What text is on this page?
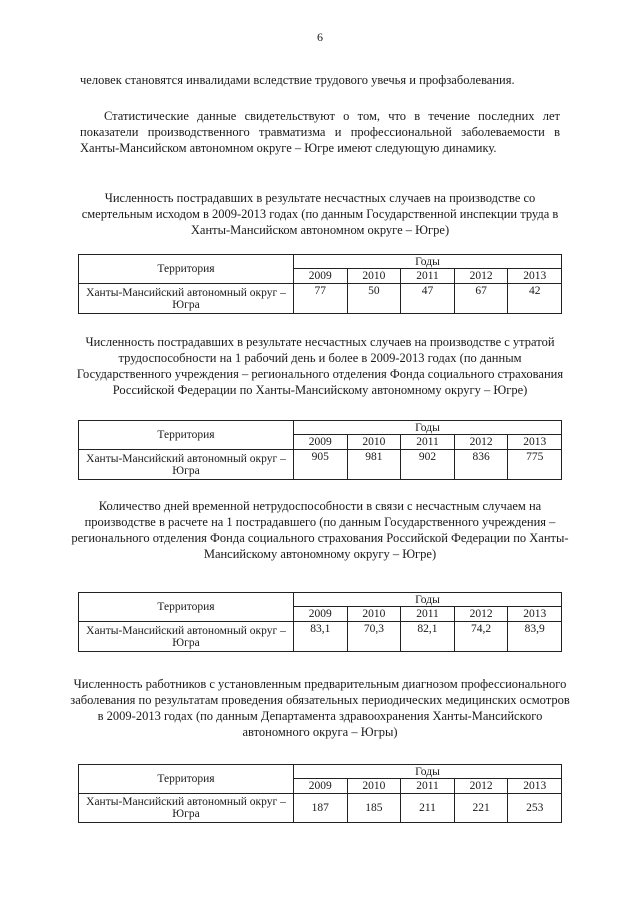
6
человек становятся инвалидами вследствие трудового увечья и профзаболевания.
Статистические данные свидетельствуют о том, что в течение последних лет показатели производственного травматизма и профессиональной заболеваемости в Ханты-Мансийском автономном округе – Югре имеют следующую динамику.
Численность пострадавших в результате несчастных случаев на производстве со смертельным исходом в 2009-2013 годах (по данным Государственной инспекции труда в Ханты-Мансийском автономном округе – Югре)
Территория	Годы				
	2009	2010	2011	2012	2013
Ханты-Мансийский автономный округ – Югра	77	50	47	67	42
Численность пострадавших в результате несчастных случаев на производстве с утратой трудоспособности на 1 рабочий день и более в 2009-2013 годах (по данным Государственного учреждения – регионального отделения Фонда социального страхования Российской Федерации по Ханты-Мансийскому автономному округу – Югре)
Территория	Годы				
	2009	2010	2011	2012	2013
Ханты-Мансийский автономный округ – Югра	905	981	902	836	775
Количество дней временной нетрудоспособности в связи с несчастным случаем на производстве в расчете на 1 пострадавшего (по данным Государственного учреждения – регионального отделения Фонда социального страхования Российской Федерации по Ханты-Мансийскому автономному округу – Югре)
Территория	Годы				
	2009	2010	2011	2012	2013
Ханты-Мансийский автономный округ – Югра	83,1	70,3	82,1	74,2	83,9
Численность работников с установленным предварительным диагнозом профессионального заболевания по результатам проведения обязательных периодических медицинских осмотров в 2009-2013 годах (по данным Департамента здравоохранения Ханты-Мансийского автономного округа – Югры)
Территория	Годы				
	2009	2010	2011	2012	2013
Ханты-Мансийский автономный округ – Югра	187	185	211	221	253
